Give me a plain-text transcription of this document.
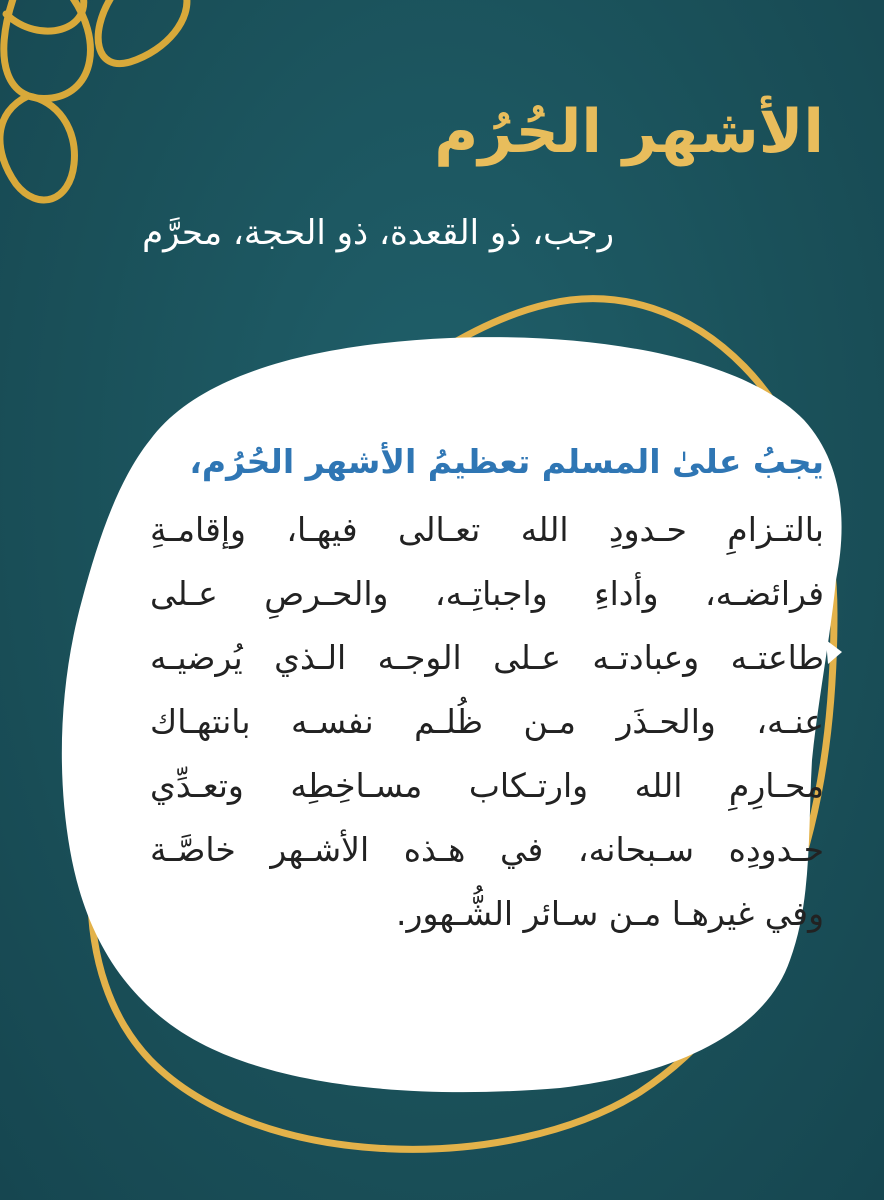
الأشهر الحُرُم

رجب، ذو القعدة، ذو الحجة، محرَّم

يجبُ علىٰ المسلم تعظيمُ الأشهر الحُرُم،

بالتـزامِ حـدودِ الله تعـالى فيهـا، وإقامـةِ

فرائضـه، وأداءِ واجباتِـه، والحـرصِ عـلى

طاعتـه وعبادتـه عـلى الوجـه الـذي يُرضيـه

عنـه، والحـذَر مـن ظُلـم نفسـه بانتهـاك

محـارِمِ الله وارتـكاب مسـاخِطِه وتعـدِّي

حـدودِه سـبحانه، في هـذه الأشـهر خاصَّـة

وفي غيرهـا مـن سـائر الشُّـهور.
